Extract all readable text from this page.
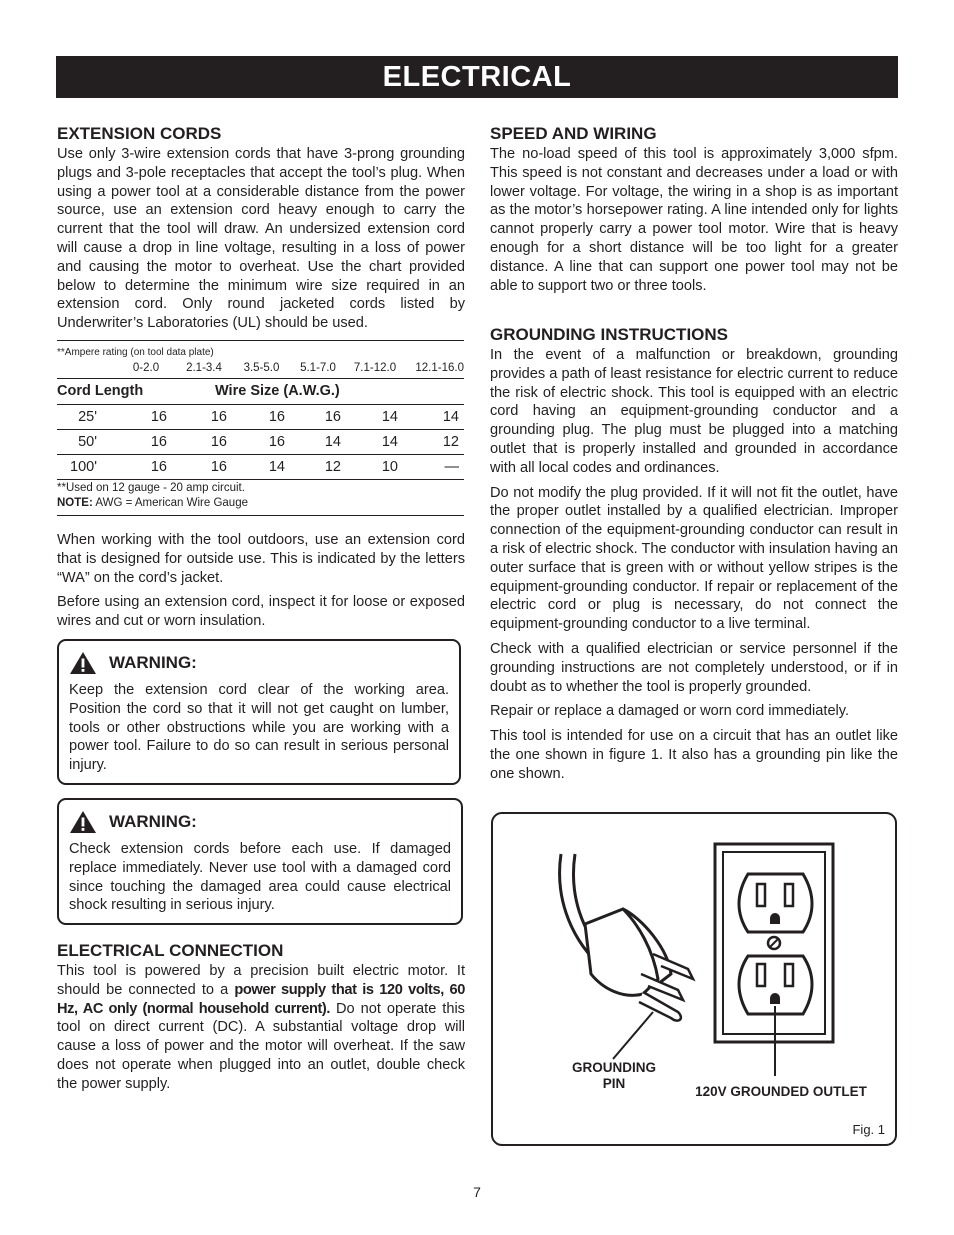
ELECTRICAL
EXTENSION CORDS

Use only 3-wire extension cords that have 3-prong grounding plugs and 3-pole receptacles that accept the tool’s plug. When using a power tool at a considerable distance from the power source, use an extension cord heavy enough to carry the current that the tool will draw. An undersized extension cord will cause a drop in line voltage, resulting in a loss of power and causing the motor to overheat. Use the chart provided below to determine the minimum wire size required in an extension cord. Only round jacketed cords listed by Underwriter’s Laboratories (UL) should be used.

**Ampere rating (on tool data plate)
0-2.0	2.1-3.4	3.5-5.0	5.1-7.0	7.1-12.0	12.1-16.0
Cord Length	Wire Size (A.W.G.)
25'	16	16	16	16	14	14
50'	16	16	16	14	14	12
100'	16	16	14	12	10	—
**Used on 12 gauge - 20 amp circuit.
NOTE: AWG = American Wire Gauge

When working with the tool outdoors, use an extension cord that is designed for outside use. This is indicated by the letters “WA” on the cord’s jacket.

Before using an extension cord, inspect it for loose or exposed wires and cut or worn insulation.

WARNING:

Keep the extension cord clear of the working area. Position the cord so that it will not get caught on lumber, tools or other obstructions while you are working with a power tool. Failure to do so can result in serious personal injury.

WARNING:

Check extension cords before each use. If damaged replace immediately. Never use tool with a damaged cord since touching the damaged area could cause electrical shock resulting in serious injury.

ELECTRICAL CONNECTION

This tool is powered by a precision built electric motor. It should be connected to a power supply that is 120 volts, 60 Hz, AC only (normal household current). Do not operate this tool on direct current (DC). A substantial voltage drop will cause a loss of power and the motor will overheat. If the saw does not operate when plugged into an outlet, double check the power supply.

SPEED AND WIRING

The no-load speed of this tool is approximately 3,000 sfpm. This speed is not constant and decreases under a load or with lower voltage. For voltage, the wiring in a shop is as important as the motor’s horsepower rating. A line intended only for lights cannot properly carry a power tool motor. Wire that is heavy enough for a short distance will be too light for a greater distance. A line that can support one power tool may not be able to support two or three tools.

GROUNDING INSTRUCTIONS

In the event of a malfunction or breakdown, grounding provides a path of least resistance for electric current to reduce the risk of electric shock. This tool is equipped with an electric cord having an equipment-grounding conductor and a grounding plug. The plug must be plugged into a matching outlet that is properly installed and grounded in accordance with all local codes and ordinances.

Do not modify the plug provided. If it will not fit the outlet, have the proper outlet installed by a qualified electrician. Improper connection of the equipment-grounding conductor can result in a risk of electric shock. The conductor with insulation having an outer surface that is green with or without yellow stripes is the equipment-grounding conductor. If repair or replacement of the electric cord or plug is necessary, do not connect the equipment-grounding conductor to a live terminal.

Check with a qualified electrician or service personnel if the grounding instructions are not completely understood, or if in doubt as to whether the tool is properly grounded.

Repair or replace a damaged or worn cord immediately.

This tool is intended for use on a circuit that has an outlet like the one shown in figure 1. It also has a grounding pin like the one shown.

GROUNDING
PIN
120V GROUNDED OUTLET
Fig. 1
7
